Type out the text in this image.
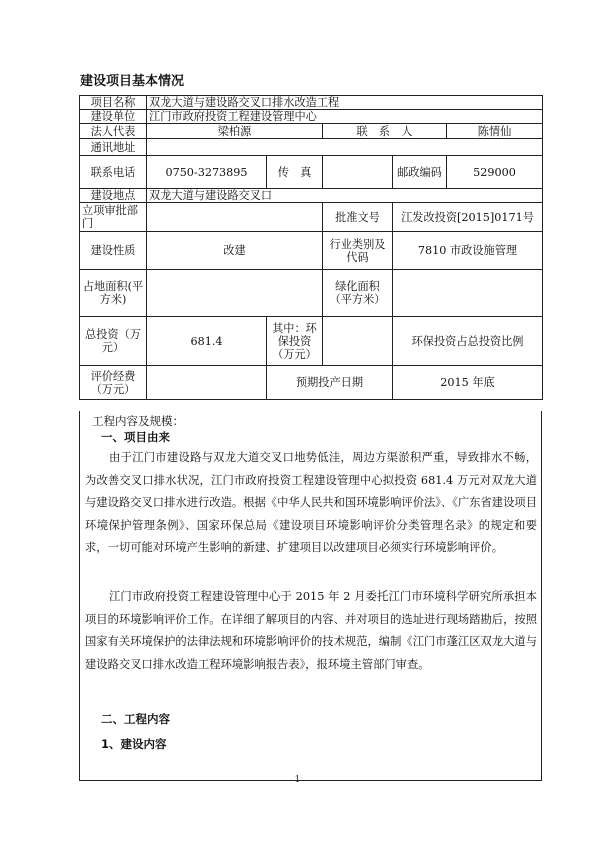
建设项目基本情况
项目名称	双龙大道与建设路交叉口排水改造工程				
建设单位	江门市政府投资工程建设管理中心				
法人代表	梁柏源		联　系　人		陈情仙
通讯地址					
联系电话	0750-3273895	传　真		邮政编码	529000
建设地点	双龙大道与建设路交叉口				
立项审批部门			批准文号	江发改投资[2015]0171号	
建设性质	改建		行业类别及代码	7810 市政设施管理	
占地面积(平方米)			绿化面积（平方米）		
总投资（万元）	681.4	其中：环保投资（万元）		环保投资占总投资比例	
评价经费（万元）		预期投产日期		2015 年底	
工程内容及规模：
一、项目由来

由于江门市建设路与双龙大道交叉口地势低洼，周边方渠淤积严重，导致排水不畅，为改善交叉口排水状况，江门市政府投资工程建设管理中心拟投资 681.4 万元对双龙大道与建设路交叉口排水进行改造。根据《中华人民共和国环境影响评价法》、《广东省建设项目环境保护管理条例》、国家环保总局《建设项目环境影响评价分类管理名录》的规定和要求，一切可能对环境产生影响的新建、扩建项目以改建项目必须实行环境影响评价。

江门市政府投资工程建设管理中心于 2015 年 2 月委托江门市环境科学研究所承担本项目的环境影响评价工作。在详细了解项目的内容、并对项目的选址进行现场踏勘后，按照国家有关环境保护的法律法规和环境影响评价的技术规范，编制《江门市蓬江区双龙大道与建设路交叉口排水改造工程环境影响报告表》，报环境主管部门审查。

二、工程内容
1、建设内容
1
